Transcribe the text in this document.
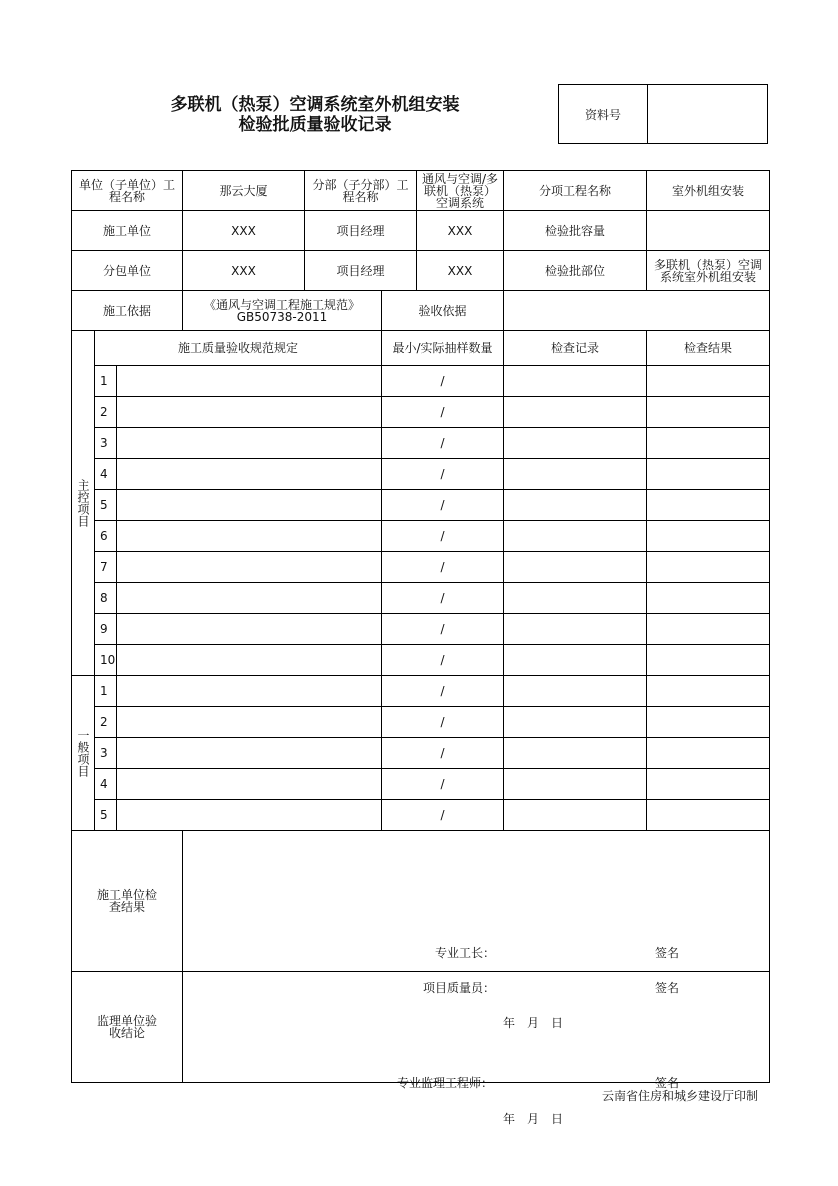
多联机（热泵）空调系统室外机组安装
检验批质量验收记录
资料号
单位（子单位）工程名称			那云大厦	分部（子分部）工程名称		通风与空调/多联机（热泵）空调系统	分项工程名称	室外机组安装
施工单位			XXX	项目经理		XXX	检验批容量	
分包单位			XXX	项目经理		XXX	检验批部位	多联机（热泵）空调系统室外机组安装
施工依据			《通风与空调工程施工规范》GB50738-2011		验收依据			

主控项目	施工质量验收规范规定				最小/实际抽样数量		检查记录	检查结果
	1				/			
	2				/			
	3				/			
	4				/			
	5				/			
	6				/			
	7				/			
	8				/			
	9				/			
	10				/			

一般项目	1				/			
	2				/			
	3				/			
	4				/			
	5				/			

施工单位检查结果			专业工长： 签名
项目质量员： 签名
年　月　日					

监理单位验收结论			专业监理工程师： 签名
年　月　日					
云南省住房和城乡建设厅印制
